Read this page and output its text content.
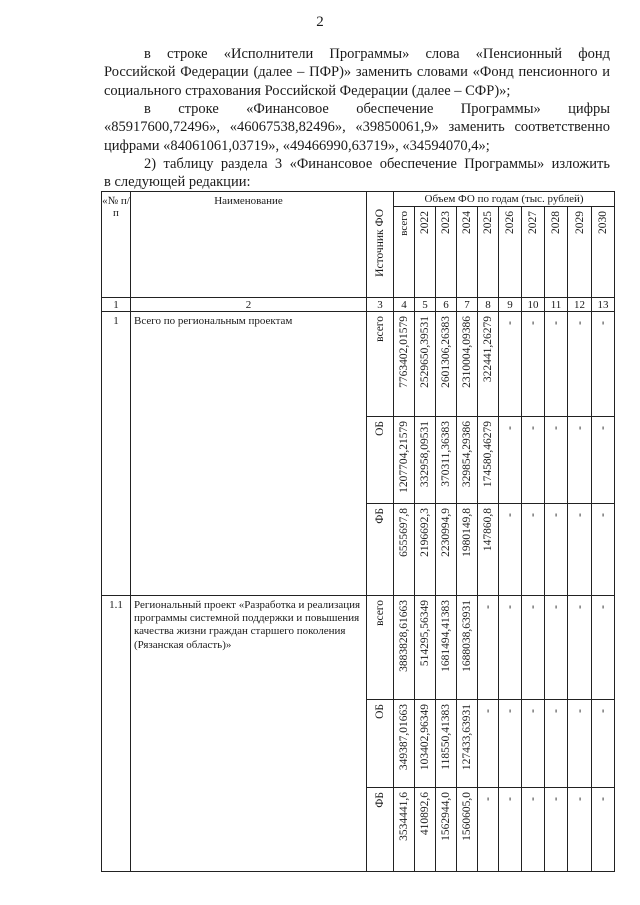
2
в строке «Исполнители Программы» слова «Пенсионный фонд
Российской Федерации (далее – ПФР)» заменить словами «Фонд пенсионного и
социального страхования Российской Федерации (далее – СФР)»;
в строке «Финансовое обеспечение Программы» цифры
«85917600,72496», «46067538,82496», «39850061,9» заменить соответственно
цифрами «84061061,03719», «49466990,63719», «34594070,4»;
2) таблицу раздела 3 «Финансовое обеспечение Программы» изложить
в следующей редакции:
«№ п/п	Наименование	Источник ФО	Объем ФО по годам (тыс. рублей)									
			всего	2022	2023	2024	2025	2026	2027	2028	2029	2030
1	2	3	4	5	6	7	8	9	10	11	12	13
1	Всего по региональным проектам	всего	7763402,01579	2529650,39531	2601306,26383	2310004,09386	322441,26279	-	-	-	-	-
		ОБ	1207704,21579	332958,09531	370311,36383	329854,29386	174580,46279	-	-	-	-	-
		ФБ	6555697,8	2196692,3	2230994,9	1980149,8	147860,8	-	-	-	-	-
1.1	Региональный проект «Разработка и реализация программы системной поддержки и повышения качества жизни граждан старшего поколения (Рязанская область)»	всего	3883828,61663	514295,56349	1681494,41383	1688038,63931	-	-	-	-	-	-
		ОБ	349387,01663	103402,96349	118550,41383	127433,63931	-	-	-	-	-	-
		ФБ	3534441,6	410892,6	1562944,0	1560605,0	-	-	-	-	-	-
